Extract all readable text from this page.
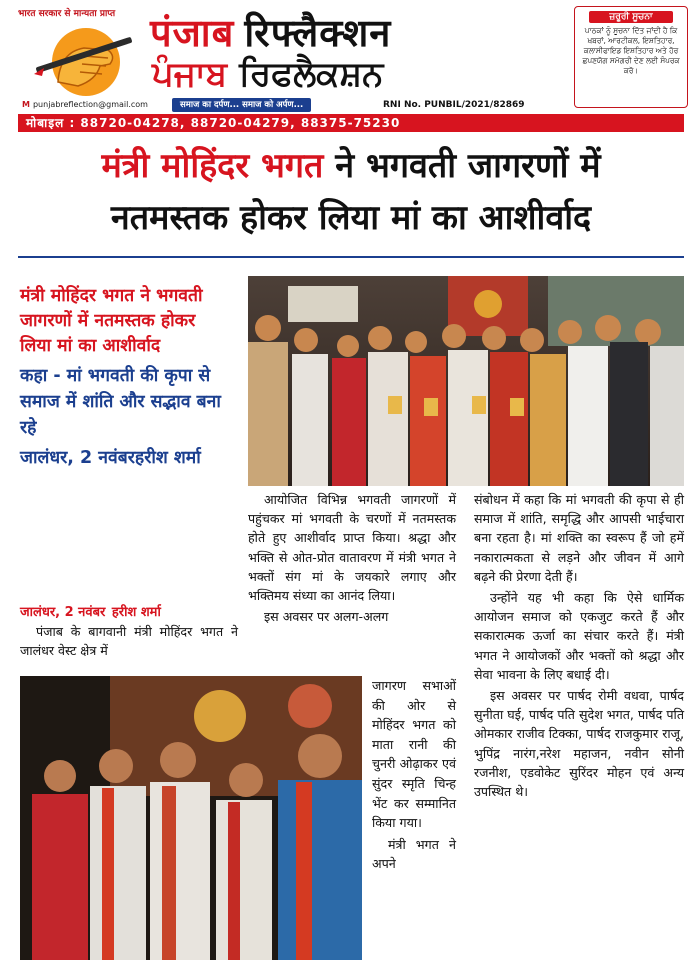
भारत सरकार से मान्यता प्राप्त
M punjabreflection@gmail.com
पंजाब रिफ्लैक्शन
ਪੰਜਾਬ ਰਿਫਲੈਕਸ਼ਨ
समाज का दर्पण... समाज को अर्पण...	RNI No. PUNBIL/2021/82869
ਜ਼ਰੂਰੀ ਸੂਚਨਾ
ਪਾਠਕਾਂ ਨੂੰ ਸੂਚਨਾ ਦਿੱਤ ਜਾਂਦੀ ਹੈ ਕਿ ਖ਼ਬਰਾਂ, ਆਰਟੀਕਲ, ਇਸ਼ਤਿਹਾਰ, ਕਲਾਸੀਫਾਇਡ ਇਸ਼ਤਿਹਾਰ ਅਤੇ ਹੋਰ ਛਪਣਯੋਗ ਸਮੱਗਰੀ ਦੇਣ ਲਈ ਸੰਪਰਕ ਕਰੋ।
मोबाइल : 88720-04278, 88720-04279, 88375-75230
मंत्री मोहिंदर भगत ने भगवती जागरणों में
नतमस्तक होकर लिया मां का आशीर्वाद
मंत्री मोहिंदर भगत ने भगवती जागरणों में नतमस्तक होकर लिया मां का आशीर्वाद
कहा - मां भगवती की कृपा से समाज में शांति और सद्भाव बना रहे
जालंधर, 2 नवंबरहरीश शर्मा
जालंधर, 2 नवंबर हरीश शर्मा

पंजाब के बागवानी मंत्री मोहिंदर भगत ने जालंधर वेस्ट क्षेत्र में

आयोजित विभिन्न भगवती जागरणों में पहुंचकर मां भगवती के चरणों में नतमस्तक होते हुए आशीर्वाद प्राप्त किया। श्रद्धा और भक्ति से ओत-प्रोत वातावरण में मंत्री भगत ने भक्तों संग मां के जयकारे लगाए और भक्तिमय संध्या का आनंद लिया।

इस अवसर पर अलग-अलग

जागरण सभाओं की ओर से मोहिंदर भगत को माता रानी की चुनरी ओढ़ाकर एवं सुंदर स्मृति चिन्ह भेंट कर सम्मानित किया गया।

मंत्री भगत ने अपने

संबोधन में कहा कि मां भगवती की कृपा से ही समाज में शांति, समृद्धि और आपसी भाईचारा बना रहता है। मां शक्ति का स्वरूप हैं जो हमें नकारात्मकता से लड़ने और जीवन में आगे बढ़ने की प्रेरणा देती हैं।

उन्होंने यह भी कहा कि ऐसे धार्मिक आयोजन समाज को एकजुट करते हैं और सकारात्मक ऊर्जा का संचार करते हैं। मंत्री भगत ने आयोजकों और भक्तों को श्रद्धा और सेवा भावना के लिए बधाई दी।

इस अवसर पर पार्षद रोमी वधवा, पार्षद सुनीता घई, पार्षद पति सुदेश भगत, पार्षद पति ओमकार राजीव टिक्का, पार्षद राजकुमार राजू, भुपिंद्र नारंग,नरेश महाजन, नवीन सोनी रजनीश, एडवोकेट सुरिंदर मोहन एवं अन्य उपस्थित थे।
